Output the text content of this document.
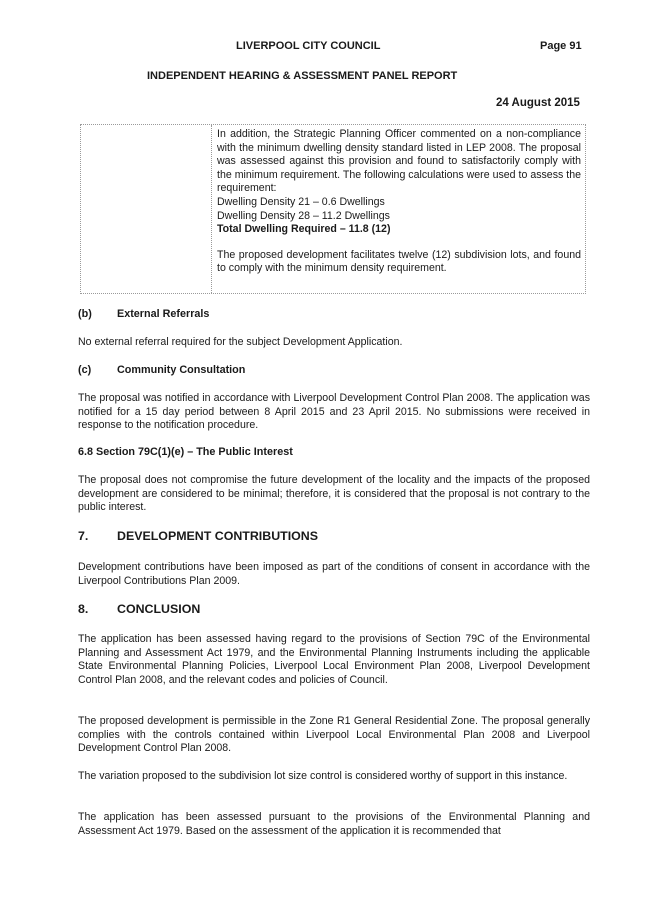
LIVERPOOL CITY COUNCIL	Page 91
INDEPENDENT HEARING & ASSESSMENT PANEL REPORT
24 August 2015

In addition, the Strategic Planning Officer commented on a non-compliance with the minimum dwelling density standard listed in LEP 2008. The proposal was assessed against this provision and found to satisfactorily comply with the minimum requirement. The following calculations were used to assess the requirement:

Dwelling Density 21 – 0.6 Dwellings

Dwelling Density 28 – 11.2 Dwellings

Total Dwelling Required – 11.8 (12)

The proposed development facilitates twelve (12) subdivision lots, and found to comply with the minimum density requirement.

(b) External Referrals

No external referral required for the subject Development Application.

(c) Community Consultation

The proposal was notified in accordance with Liverpool Development Control Plan 2008. The application was notified for a 15 day period between 8 April 2015 and 23 April 2015. No submissions were received in response to the notification procedure.

6.8 Section 79C(1)(e) – The Public Interest

The proposal does not compromise the future development of the locality and the impacts of the proposed development are considered to be minimal; therefore, it is considered that the proposal is not contrary to the public interest.

7. DEVELOPMENT CONTRIBUTIONS

Development contributions have been imposed as part of the conditions of consent in accordance with the Liverpool Contributions Plan 2009.

8. CONCLUSION

The application has been assessed having regard to the provisions of Section 79C of the Environmental Planning and Assessment Act 1979, and the Environmental Planning Instruments including the applicable State Environmental Planning Policies, Liverpool Local Environment Plan 2008, Liverpool Development Control Plan 2008, and the relevant codes and policies of Council.

The proposed development is permissible in the Zone R1 General Residential Zone. The proposal generally complies with the controls contained within Liverpool Local Environmental Plan 2008 and Liverpool Development Control Plan 2008.

The variation proposed to the subdivision lot size control is considered worthy of support in this instance.

The application has been assessed pursuant to the provisions of the Environmental Planning and Assessment Act 1979. Based on the assessment of the application it is recommended that
